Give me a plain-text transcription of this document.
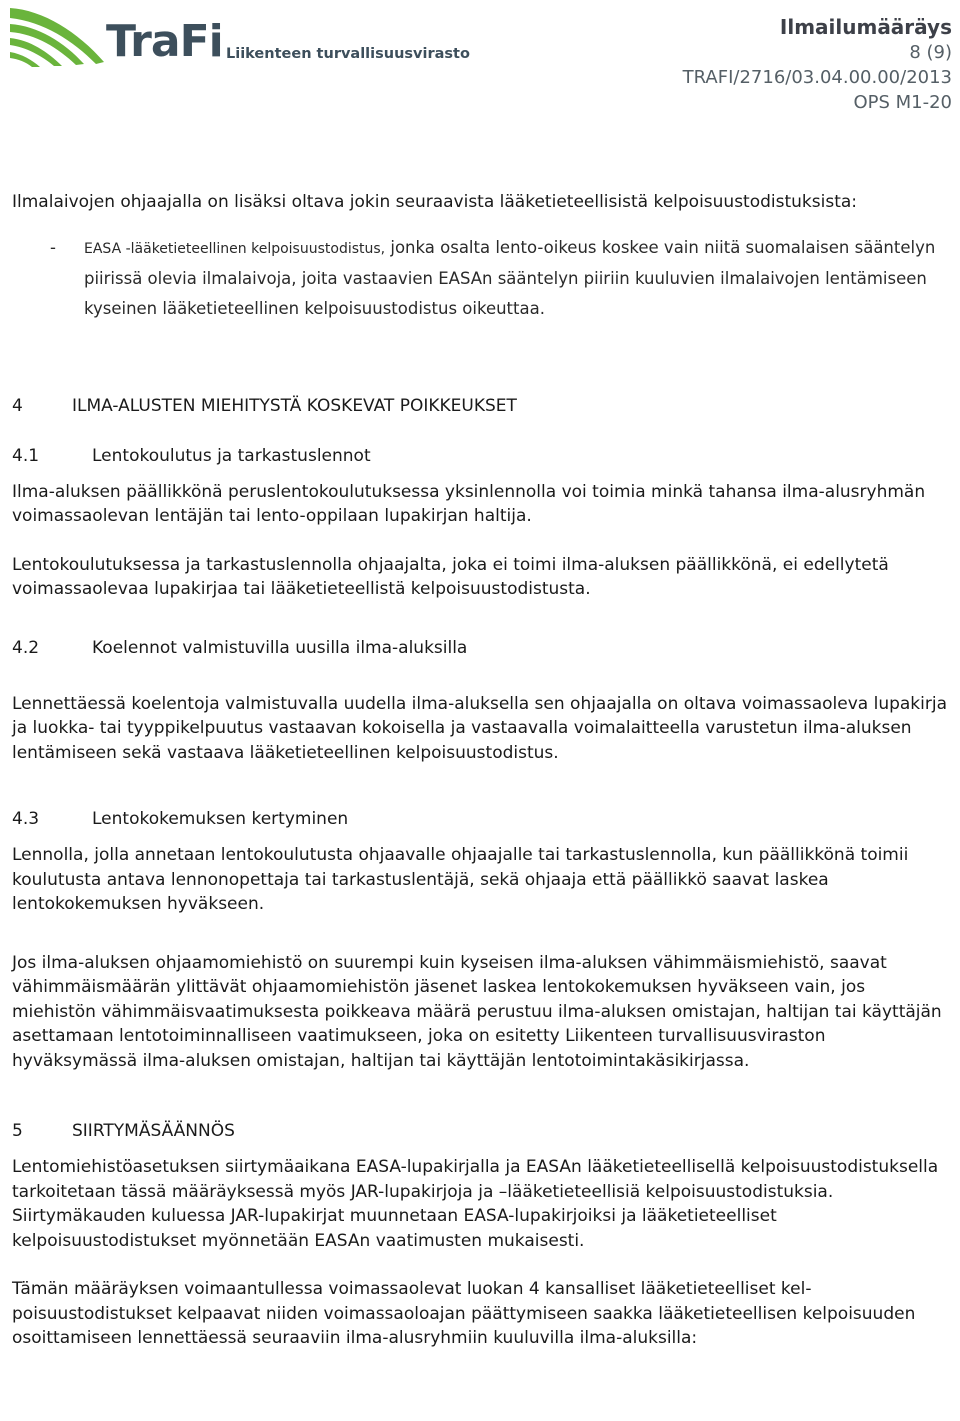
TraFi Liikenteen turvallisuusvirasto
Ilmailumääräys
8 (9)
TRAFI/2716/03.04.00.00/2013
OPS M1-20

Ilmalaivojen ohjaajalla on lisäksi oltava jokin seuraavista lääketieteellisistä kelpoisuustodistuksista:

- EASA -lääketieteellinen kelpoisuustodistus, jonka osalta lento-oikeus koskee vain niitä suomalaisen sääntelyn piirissä olevia ilmalaivoja, joita vastaavien EASAn sääntelyn piiriin kuuluvien ilmalaivojen lentämiseen kyseinen lääketieteellinen kelpoisuustodistus oikeuttaa.
4	ILMA-ALUSTEN MIEHITYSTÄ KOSKEVAT POIKKEUKSET
4.1	Lentokoulutus ja tarkastuslennot

Ilma-aluksen päällikkönä peruslentokoulutuksessa yksinlennolla voi toimia minkä tahansa ilma-alusryhmän voimassaolevan lentäjän tai lento-oppilaan lupakirjan haltija.

Lentokoulutuksessa ja tarkastuslennolla ohjaajalta, joka ei toimi ilma-aluksen päällikkönä, ei edellytetä voimassaolevaa lupakirjaa tai lääketieteellistä kelpoisuustodistusta.

4.2	Koelennot valmistuvilla uusilla ilma-aluksilla

Lennettäessä koelentoja valmistuvalla uudella ilma-aluksella sen ohjaajalla on oltava voimassaoleva lupakirja ja luokka- tai tyyppikelpuutus vastaavan kokoisella ja vastaavalla voimalaitteella varustetun ilma-aluksen lentämiseen sekä vastaava lääketieteellinen kelpoisuustodistus.

4.3	Lentokokemuksen kertyminen

Lennolla, jolla annetaan lentokoulutusta ohjaavalle ohjaajalle tai tarkastuslennolla, kun päällikkönä toimii koulutusta antava lennonopettaja tai tarkastuslentäjä, sekä ohjaaja että päällikkö saavat laskea lentokokemuksen hyväkseen.

Jos ilma-aluksen ohjaamomiehistö on suurempi kuin kyseisen ilma-aluksen vähimmäismiehistö, saavat vähimmäismäärän ylittävät ohjaamomiehistön jäsenet laskea lentokokemuksen hyväkseen vain, jos miehistön vähimmäisvaatimuksesta poikkeava määrä perustuu ilma-aluksen omistajan, haltijan tai käyttäjän asettamaan lentotoiminnalliseen vaatimukseen, joka on esitetty Liikenteen turvallisuusviraston hyväksymässä ilma-aluksen omistajan, haltijan tai käyttäjän lentotoimintakäsikirjassa.

5	SIIRTYMÄSÄÄNNÖS

Lentomiehistöasetuksen siirtymäaikana EASA-lupakirjalla ja EASAn lääketieteellisellä kelpoisuustodistuksella tarkoitetaan tässä määräyksessä myös JAR-lupakirjoja ja –lääketieteellisiä kelpoisuustodistuksia. Siirtymäkauden kuluessa JAR-lupakirjat muunnetaan EASA-lupakirjoiksi ja lääketieteelliset kelpoisuustodistukset myönnetään EASAn vaatimusten mukaisesti.

Tämän määräyksen voimaantullessa voimassaolevat luokan 4 kansalliset lääketieteelliset kelpoisuustodistukset kelpaavat niiden voimassaoloajan päättymiseen saakka lääketieteellisen kelpoisuuden osoittamiseen lennettäessä seuraaviin ilma-alusryhmiin kuuluvilla ilma-aluksilla:
